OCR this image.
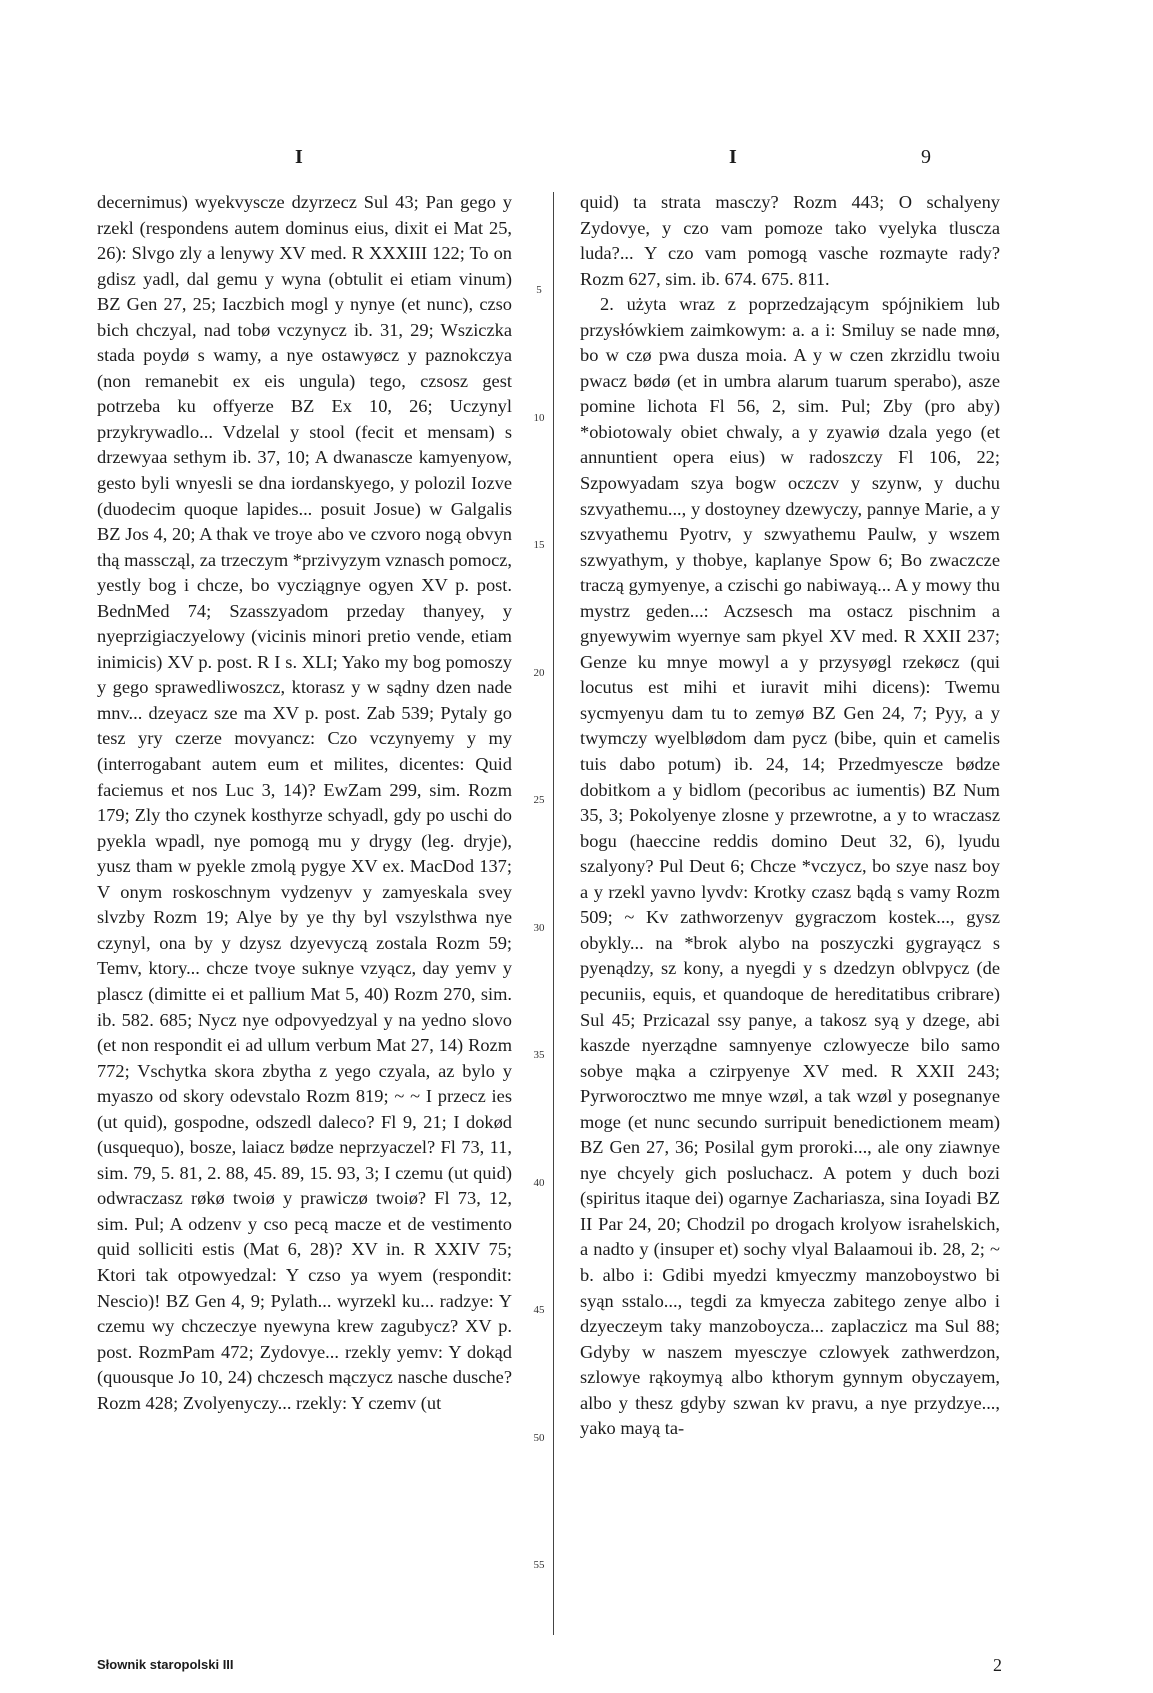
I	I	9

decernimus) wyekvyscze dzyrzecz Sul 43; Pan gego y rzekl (respondens autem dominus eius, dixit ei Mat 25, 26): Slvgo zly a lenywy XV med. R XXXIII 122; To on gdisz yadl, dal gemu y wyna (obtulit ei etiam vinum) BZ Gen 27, 25; Iaczbich mogl y nynye (et nunc), czso bich chczyal, nad tobø vczynycz ib. 31, 29; Wsziczka stada poydø s wamy, a nye ostawyøcz y paznokczya (non remanebit ex eis ungula) tego, czsosz gest potrzeba ku offyerze BZ Ex 10, 26; Uczynyl przykrywadlo... Vdzelal y stool (fecit et mensam) s drzewyaa sethym ib. 37, 10; A dwanascze kamyenyow, gesto byli wnyesli se dna iordanskyego, y polozil Iozve (duodecim quoque lapides... posuit Josue) w Galgalis BZ Jos 4, 20; A thak ve troye abo ve czvoro nogą obvyn thą masscząl, za trzeczym *przivyzym vznasch pomocz, yestly bog i chcze, bo vycziągnye ogyen XV p. post. BednMed 74; Szasszyadom przeday thanyey, y nyeprzigiaczyelowy (vicinis minori pretio vende, etiam inimicis) XV p. post. R I s. XLI; Yako my bog pomoszy y gego sprawedliwoszcz, ktorasz y w sądny dzen nade mnv... dzeyacz sze ma XV p. post. Zab 539; Pytaly go tesz yry czerze movyancz: Czo vczynyemy y my (interrogabant autem eum et milites, dicentes: Quid faciemus et nos Luc 3, 14)? EwZam 299, sim. Rozm 179; Zly tho czynek kosthyrze schyadl, gdy po uschi do pyekla wpadl, nye pomogą mu y drygy (leg. dryje), yusz tham w pyekle zmolą pygye XV ex. MacDod 137; V onym roskoschnym vydzenyv y zamyeskala svey slvzby Rozm 19; Alye by ye thy byl vszylsthwa nye czynyl, ona by y dzysz dzyevyczą zostala Rozm 59; Temv, ktory... chcze tvoye suknye vzyącz, day yemv y plascz (dimitte ei et pallium Mat 5, 40) Rozm 270, sim. ib. 582. 685; Nycz nye odpovyedzyal y na yedno slovo (et non respondit ei ad ullum verbum Mat 27, 14) Rozm 772; Vschytka skora zbytha z yego czyala, az bylo y myaszo od skory odevstalo Rozm 819; ~ ~ I przecz ies (ut quid), gospodne, odszedl daleco? Fl 9, 21; I dokød (usquequo), bosze, laiacz bødze neprzyaczel? Fl 73, 11, sim. 79, 5. 81, 2. 88, 45. 89, 15. 93, 3; I czemu (ut quid) odwraczasz røkø twoiø y prawiczø twoiø? Fl 73, 12, sim. Pul; A odzenv y cso pecą macze et de vestimento quid solliciti estis (Mat 6, 28)? XV in. R XXIV 75; Ktori tak otpowyedzal: Y czso ya wyem (respondit: Nescio)! BZ Gen 4, 9; Pylath... wyrzekl ku... radzye: Y czemu wy chczeczye nyewyna krew zagubycz? XV p. post. RozmPam 472; Zydovye... rzekly yemv: Y dokąd (quousque Jo 10, 24) chczesch mączycz nasche dusche? Rozm 428; Zvolyenyczy... rzekly: Y czemv (ut

5
10
15
20
25
30
35
40
45
50
55

quid) ta strata masczy? Rozm 443; O schalyeny Zydovye, y czo vam pomoze tako vyelyka tluscza luda?... Y czo vam pomogą vasche rozmayte rady? Rozm 627, sim. ib. 674. 675. 811.

2. użyta wraz z poprzedzającym spójnikiem lub przysłówkiem zaimkowym: a. a i: Smiluy se nade mnø, bo w czø pwa dusza moia. A y w czen zkrzidlu twoiu pwacz bødø (et in umbra alarum tuarum sperabo), asze pomine lichota Fl 56, 2, sim. Pul; Zby (pro aby) *obiotowaly obiet chwaly, a y zyawiø dzala yego (et annuntient opera eius) w radoszczy Fl 106, 22; Szpowyadam szya bogw oczczv y szynw, y duchu szvyathemu..., y dostoyney dzewyczy, pannye Marie, a y szvyathemu Pyotrv, y szwyathemu Paulw, y wszem szwyathym, y thobye, kaplanye Spow 6; Bo zwaczcze traczą gymyenye, a czischi go nabiwayą... A y mowy thu mystrz geden...: Aczsesch ma ostacz pischnim a gnyewywim wyernye sam pkyel XV med. R XXII 237; Genze ku mnye mowyl a y przysyøgl rzekøcz (qui locutus est mihi et iuravit mihi dicens): Twemu sycmyenyu dam tu to zemyø BZ Gen 24, 7; Pyy, a y twymczy wyelblødom dam pycz (bibe, quin et camelis tuis dabo potum) ib. 24, 14; Przedmyescze bødze dobitkom a y bidlom (pecoribus ac iumentis) BZ Num 35, 3; Pokolyenye zlosne y przewrotne, a y to wraczasz bogu (haeccine reddis domino Deut 32, 6), lyudu szalyony? Pul Deut 6; Chcze *vczycz, bo szye nasz boy a y rzekl yavno lyvdv: Krotky czasz bądą s vamy Rozm 509; ~ Kv zathworzenyv gygraczom kostek..., gysz obykly... na *brok alybo na poszyczki gygrayącz s pyenądzy, sz kony, a nyegdi y s dzedzyn oblvpycz (de pecuniis, equis, et quandoque de hereditatibus cribrare) Sul 45; Przicazal ssy panye, a takosz syą y dzege, abi kaszde nyerządne samnyenye czlowyecze bilo samo sobye mąka a czirpyenye XV med. R XXII 243; Pyrworocztwo me mnye wzøl, a tak wzøl y posegnanye moge (et nunc secundo surripuit benedictionem meam) BZ Gen 27, 36; Posilal gym proroki..., ale ony ziawnye nye chcyely gich posluchacz. A potem y duch bozi (spiritus itaque dei) ogarnye Zachariasza, sina Ioyadi BZ II Par 24, 20; Chodzil po drogach krolyow israhelskich, a nadto y (insuper et) sochy vlyal Balaamoui ib. 28, 2; ~ b. albo i: Gdibi myedzi kmyeczmy manzoboystwo bi syąn sstalo..., tegdi za kmyecza zabitego zenye albo i dzyeczeym taky manzoboycza... zaplaczicz ma Sul 88; Gdyby w naszem myesczye czlowyek zathwerdzon, szlowye rąkoymyą albo kthorym gynnym obyczayem, albo y thesz gdyby szwan kv pravu, a nye przydzye..., yako mayą ta-

Słownik staropolski III	2
